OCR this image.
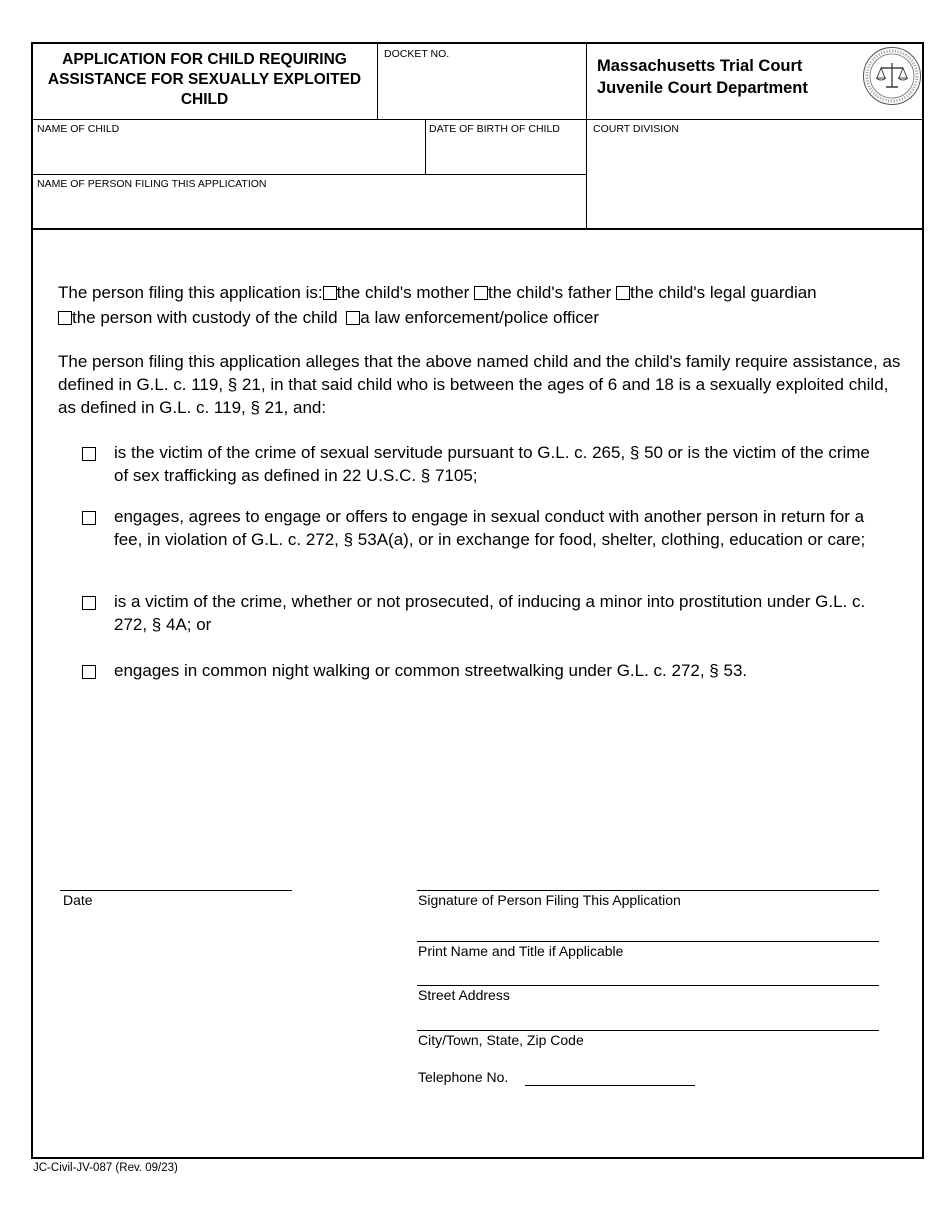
APPLICATION FOR CHILD REQUIRING ASSISTANCE FOR SEXUALLY EXPLOITED CHILD
DOCKET NO.
Massachusetts Trial Court
Juvenile Court Department
NAME OF CHILD	DATE OF BIRTH OF CHILD	COURT DIVISION
NAME OF PERSON FILING THIS APPLICATION
The person filing this application is: the child's mother the child's father the child's legal guardian
the person with custody of the child a law enforcement/police officer
The person filing this application alleges that the above named child and the child's family require assistance, as defined in G.L. c. 119, § 21, in that said child who is between the ages of 6 and 18 is a sexually exploited child, as defined in G.L. c. 119, § 21, and:
is the victim of the crime of sexual servitude pursuant to G.L. c. 265, § 50 or is the victim of the crime of sex trafficking as defined in 22 U.S.C. § 7105;
engages, agrees to engage or offers to engage in sexual conduct with another person in return for a fee, in violation of G.L. c. 272, § 53A(a), or in exchange for food, shelter, clothing, education or care;
is a victim of the crime, whether or not prosecuted, of inducing a minor into prostitution under G.L. c. 272, § 4A; or
engages in common night walking or common streetwalking under G.L. c. 272, § 53.
Date	Signature of Person Filing This Application
Print Name and Title if Applicable
Street Address
City/Town, State, Zip Code
Telephone No.
JC-Civil-JV-087 (Rev. 09/23)
